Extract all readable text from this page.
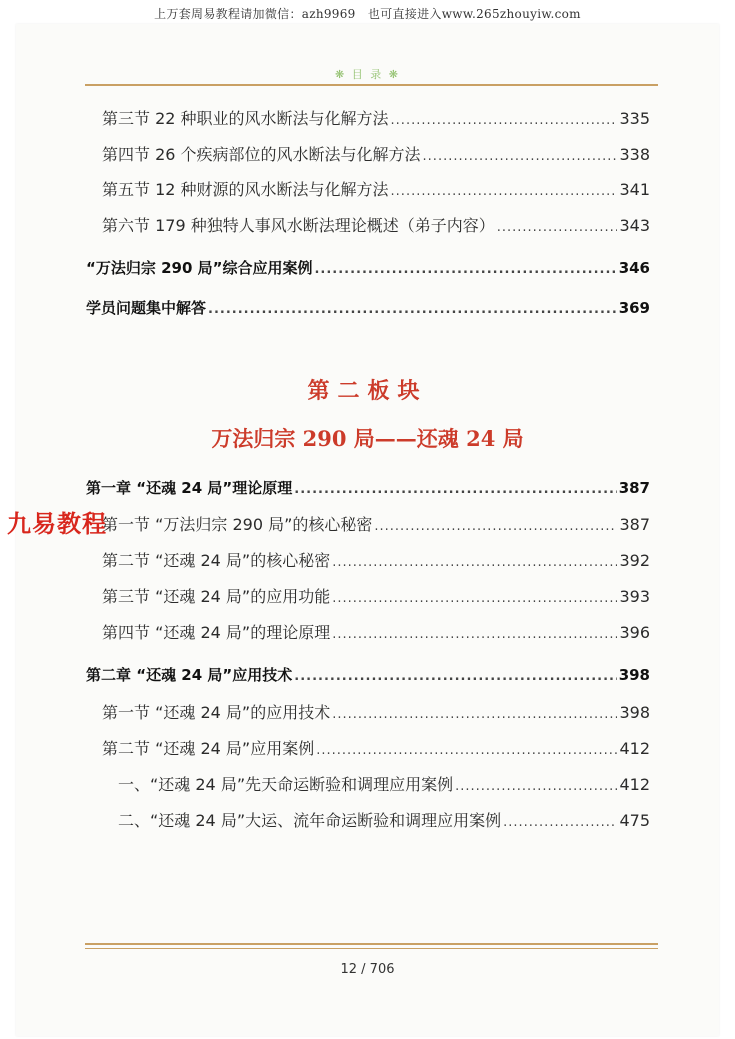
上万套周易教程请加微信：azh9969　也可直接进入www.265zhouyiw.com
❋ 目 录 ❋
第三节 22 种职业的风水断法与化解方法 .....	335
第四节 26 个疾病部位的风水断法与化解方法 .....	338
第五节 12 种财源的风水断法与化解方法 .....	341
第六节 179 种独特人事风水断法理论概述（弟子内容） .....	343
“万法归宗 290 局”综合应用案例 .....	346
学员问题集中解答 .....	369
第二板块
万法归宗 290 局——还魂 24 局
第一章 “还魂 24 局”理论原理 .....	387
第一节 “万法归宗 290 局”的核心秘密 .....	387
第二节 “还魂 24 局”的核心秘密 .....	392
第三节 “还魂 24 局”的应用功能 .....	393
第四节 “还魂 24 局”的理论原理 .....	396
第二章 “还魂 24 局”应用技术 .....	398
第一节 “还魂 24 局”的应用技术 .....	398
第二节 “还魂 24 局”应用案例 .....	412
一、“还魂 24 局”先天命运断验和调理应用案例 .....	412
二、“还魂 24 局”大运、流年命运断验和调理应用案例 .....	475
九易教程
12 / 706
